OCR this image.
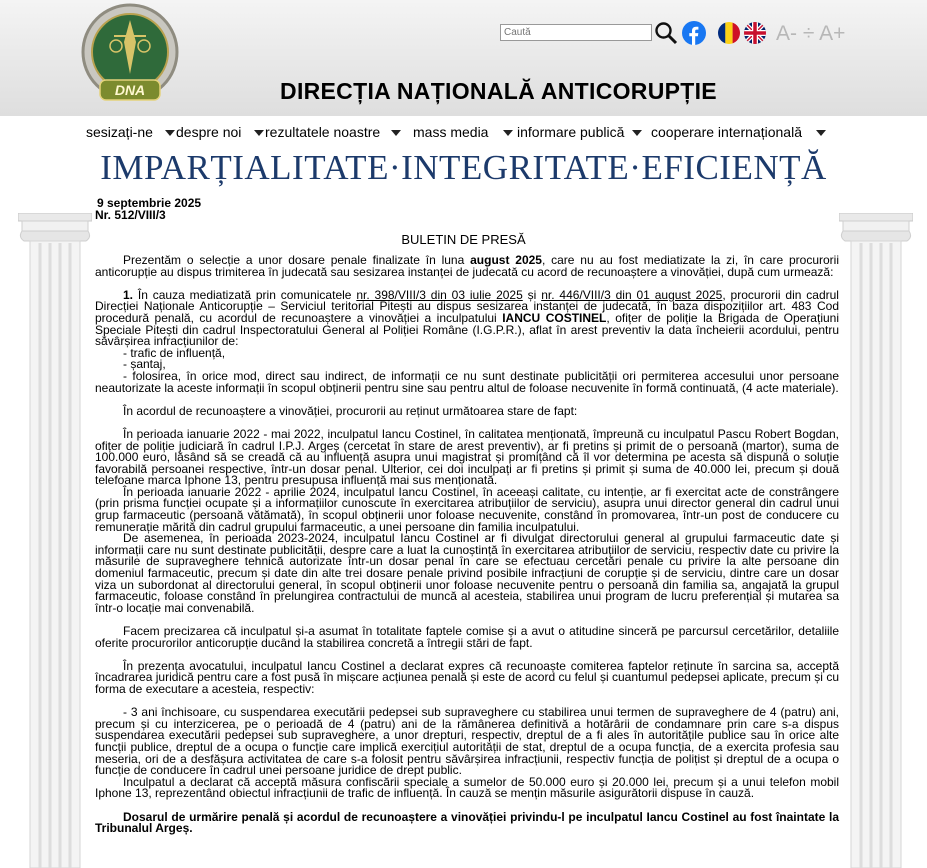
DNA	DIRECȚIA NAȚIONALĂ ANTICORUPȚIE
Caută
A- ÷ A+
sesizați-ne despre noi rezultatele noastre mass media informare publică cooperare internațională
IMPARȚIALITATE·INTEGRITATE·EFICIENȚĂ
9 septembrie 2025
Nr. 512/VIII/3
BULETIN DE PRESĂ

Prezentăm o selecție a unor dosare penale finalizate în luna august 2025, care nu au fost mediatizate la zi, în care procurorii anticorupție au dispus trimiterea în judecată sau sesizarea instanței de judecată cu acord de recunoaștere a vinovăției, după cum urmează:

1. În cauza mediatizată prin comunicatele nr. 398/VIII/3 din 03 iulie 2025 și nr. 446/VIII/3 din 01 august 2025, procurorii din cadrul Direcției Naționale Anticorupție – Serviciul teritorial Pitești au dispus sesizarea instanței de judecată, în baza dispozițiilor art. 483 Cod procedură penală, cu acordul de recunoaștere a vinovăției a inculpatului IANCU COSTINEL, ofițer de poliție la Brigada de Operațiuni Speciale Pitești din cadrul Inspectoratului General al Poliției Române (I.G.P.R.), aflat în arest preventiv la data încheierii acordului, pentru săvârșirea infracțiunilor de:

- trafic de influență,

- șantaj,

- folosirea, în orice mod, direct sau indirect, de informații ce nu sunt destinate publicității ori permiterea accesului unor persoane neautorizate la aceste informații în scopul obținerii pentru sine sau pentru altul de foloase necuvenite în formă continuată, (4 acte materiale).

În acordul de recunoaștere a vinovăției, procurorii au reținut următoarea stare de fapt:

În perioada ianuarie 2022 - mai 2022, inculpatul Iancu Costinel, în calitatea menționată, împreună cu inculpatul Pascu Robert Bogdan, ofițer de poliție judiciară în cadrul I.P.J. Argeș (cercetat în stare de arest preventiv), ar fi pretins și primit de o persoană (martor), suma de 100.000 euro, lăsând să se creadă că au influență asupra unui magistrat și promițând că îl vor determina pe acesta să dispună o soluție favorabilă persoanei respective, într-un dosar penal. Ulterior, cei doi inculpați ar fi pretins și primit și suma de 40.000 lei, precum și două telefoane marca Iphone 13, pentru presupusa influență mai sus menționată.

În perioada ianuarie 2022 - aprilie 2024, inculpatul Iancu Costinel, în aceeași calitate, cu intenție, ar fi exercitat acte de constrângere (prin prisma funcției ocupate și a informațiilor cunoscute în exercitarea atribuțiilor de serviciu), asupra unui director general din cadrul unui grup farmaceutic (persoană vătămată), în scopul obținerii unor foloase necuvenite, constând în promovarea, într-un post de conducere cu remunerație mărită din cadrul grupului farmaceutic, a unei persoane din familia inculpatului.

De asemenea, în perioada 2023-2024, inculpatul Iancu Costinel ar fi divulgat directorului general al grupului farmaceutic date și informații care nu sunt destinate publicității, despre care a luat la cunoștință în exercitarea atribuțiilor de serviciu, respectiv date cu privire la măsurile de supraveghere tehnică autorizate într-un dosar penal în care se efectuau cercetări penale cu privire la alte persoane din domeniul farmaceutic, precum și date din alte trei dosare penale privind posibile infracțiuni de corupție și de serviciu, dintre care un dosar viza un subordonat al directorului general, în scopul obținerii unor foloase necuvenite pentru o persoană din familia sa, angajată la grupul farmaceutic, foloase constând în prelungirea contractului de muncă al acesteia, stabilirea unui program de lucru preferențial și mutarea sa într-o locație mai convenabilă.

Facem precizarea că inculpatul și-a asumat în totalitate faptele comise și a avut o atitudine sinceră pe parcursul cercetărilor, detaliile oferite procurorilor anticorupție ducând la stabilirea concretă a întregii stări de fapt.

În prezența avocatului, inculpatul Iancu Costinel a declarat expres că recunoaște comiterea faptelor reținute în sarcina sa, acceptă încadrarea juridică pentru care a fost pusă în mișcare acțiunea penală și este de acord cu felul și cuantumul pedepsei aplicate, precum și cu forma de executare a acesteia, respectiv:

- 3 ani închisoare, cu suspendarea executării pedepsei sub supraveghere cu stabilirea unui termen de supraveghere de 4 (patru) ani, precum și cu interzicerea, pe o perioadă de 4 (patru) ani de la rămânerea definitivă a hotărârii de condamnare prin care s-a dispus suspendarea executării pedepsei sub supraveghere, a unor drepturi, respectiv, dreptul de a fi ales în autoritățile publice sau în orice alte funcții publice, dreptul de a ocupa o funcție care implică exercițiul autorității de stat, dreptul de a ocupa funcția, de a exercita profesia sau meseria, ori de a desfășura activitatea de care s-a folosit pentru săvârșirea infracțiunii, respectiv funcția de polițist și dreptul de a ocupa o funcție de conducere în cadrul unei persoane juridice de drept public.

Inculpatul a declarat că acceptă măsura confiscării speciale a sumelor de 50.000 euro și 20.000 lei, precum și a unui telefon mobil Iphone 13, reprezentând obiectul infracțiunii de trafic de influență. În cauză se mențin măsurile asigurătorii dispuse în cauză.

Dosarul de urmărire penală și acordul de recunoaștere a vinovăției privindu-l pe inculpatul Iancu Costinel au fost înaintate la Tribunalul Argeș.
